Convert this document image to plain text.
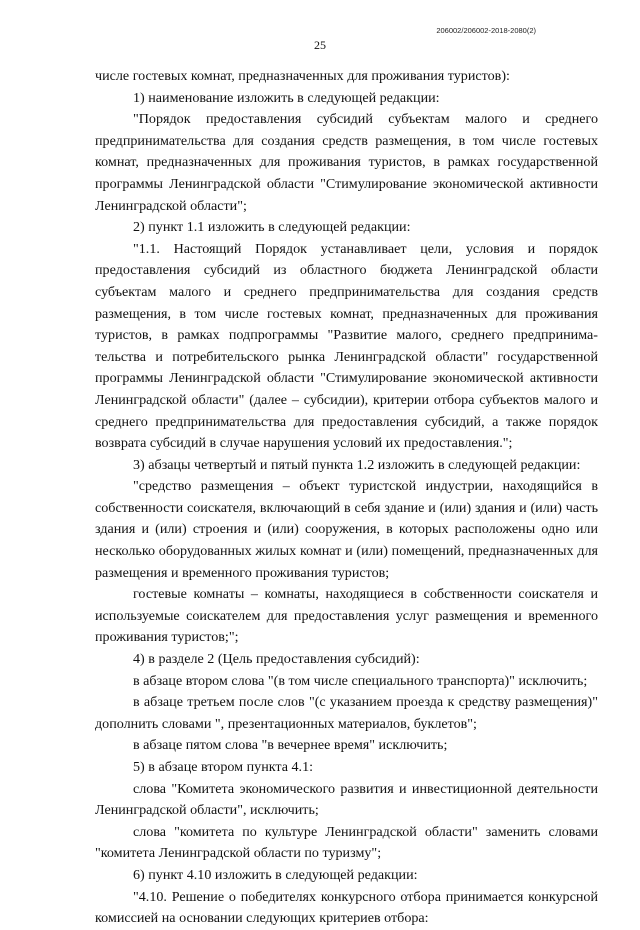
206002/206002-2018-2080(2)
25

числе гостевых комнат, предназначенных для проживания туристов):

1) наименование изложить в следующей редакции:

"Порядок предоставления субсидий субъектам малого и среднего предпринимательства для создания средств размещения, в том числе гостевых комнат, предназначенных для проживания туристов, в рамках государственной программы Ленинградской области "Стимулирование экономической активности Ленинградской области";

2) пункт 1.1 изложить в следующей редакции:

"1.1. Настоящий Порядок устанавливает цели, условия и порядок предоставления субсидий из областного бюджета Ленинградской области субъектам малого и среднего предпринимательства для создания средств размещения, в том числе гостевых комнат, предназначенных для проживания туристов, в рамках подпрограммы "Развитие малого, среднего предпринимательства и потребительского рынка Ленинградской области" государственной программы Ленинградской области "Стимулирование экономической активности Ленинградской области" (далее – субсидии), критерии отбора субъектов малого и среднего предпринимательства для предоставления субсидий, а также порядок возврата субсидий в случае нарушения условий их предоставления.";

3) абзацы четвертый и пятый пункта 1.2 изложить в следующей редакции:

"средство размещения – объект туристской индустрии, находящийся в собственности соискателя, включающий в себя здание и (или) здания и (или) часть здания и (или) строения и (или) сооружения, в которых расположены одно или несколько оборудованных жилых комнат и (или) помещений, предназначенных для размещения и временного проживания туристов;

гостевые комнаты – комнаты, находящиеся в собственности соискателя и используемые соискателем для предоставления услуг размещения и временного проживания туристов;";

4) в разделе 2 (Цель предоставления субсидий):

в абзаце втором слова "(в том числе специального транспорта)" исключить;

в абзаце третьем после слов "(с указанием проезда к средству размещения)" дополнить словами ", презентационных материалов, буклетов";

в абзаце пятом слова "в вечернее время" исключить;

5) в абзаце втором пункта 4.1:

слова "Комитета экономического развития и инвестиционной деятельности Ленинградской области", исключить;

слова "комитета по культуре Ленинградской области" заменить словами "комитета Ленинградской области по туризму";

6) пункт 4.10 изложить в следующей редакции:

"4.10. Решение о победителях конкурсного отбора принимается конкурсной комиссией на основании следующих критериев отбора:
